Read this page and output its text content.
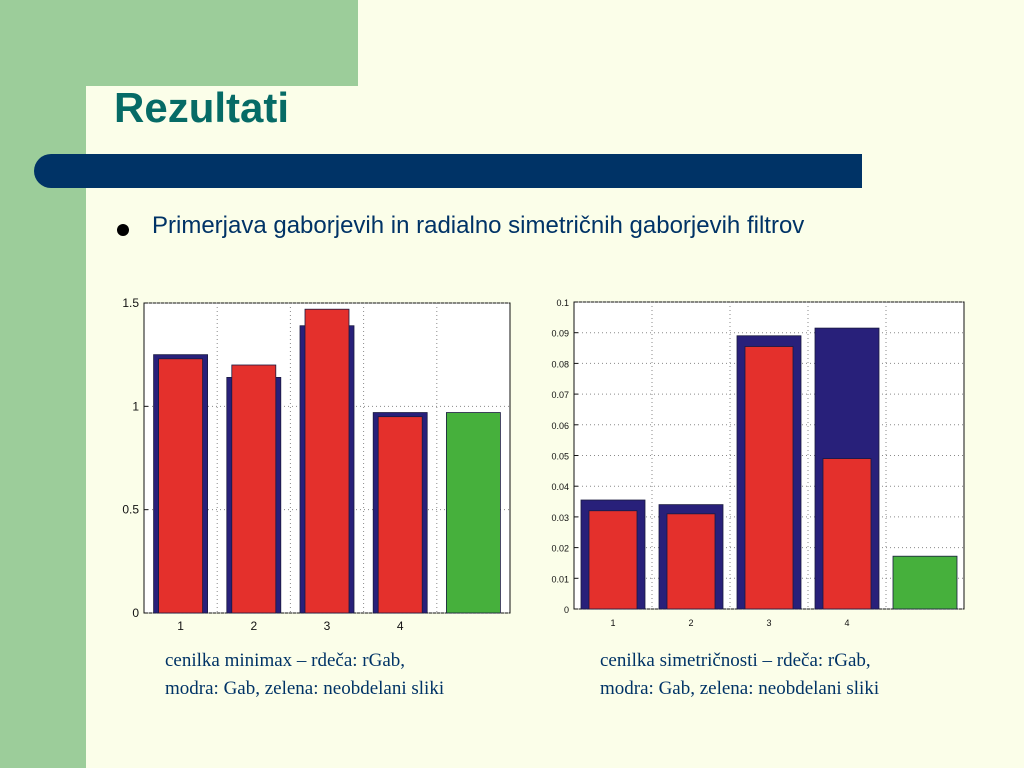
Rezultati
Primerjava gaborjevih in radialno simetričnih gaborjevih filtrov
0
0.5
1
1.5
1	2	3	4
0
0.01
0.02
0.03
0.04
0.05
0.06
0.07
0.08
0.09
0.1
1	2	3	4
cenilka minimax – rdeča: rGab,
modra: Gab, zelena: neobdelani sliki
cenilka simetričnosti – rdeča: rGab,
modra: Gab, zelena: neobdelani sliki
